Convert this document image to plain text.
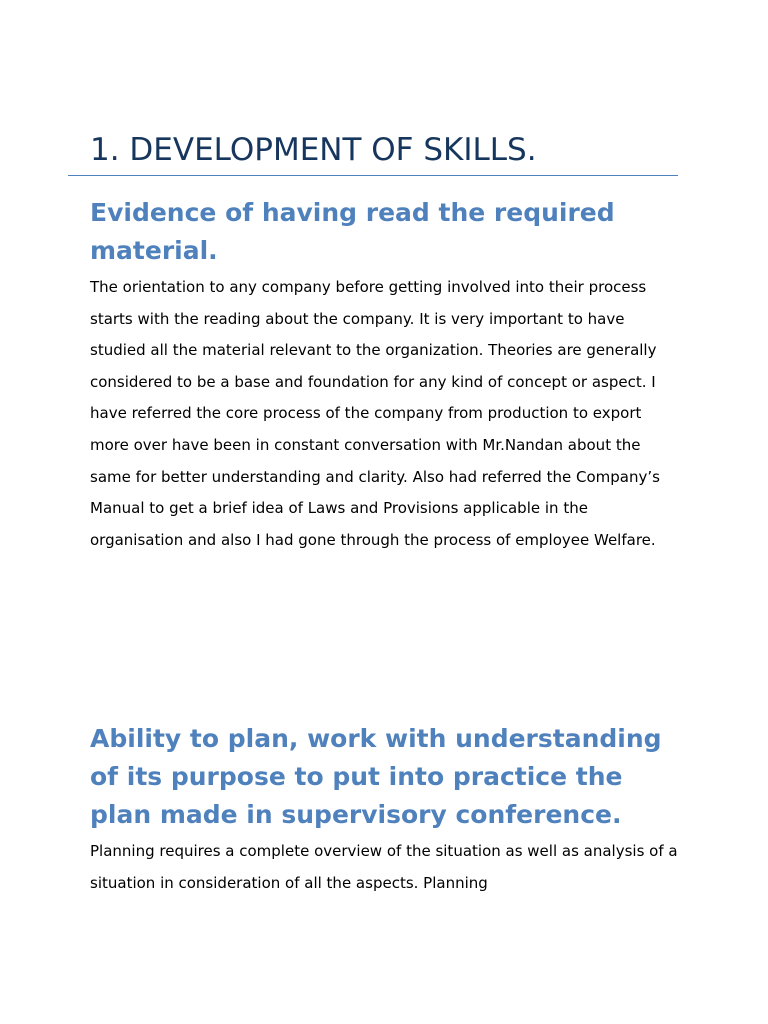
1. DEVELOPMENT OF SKILLS.
Evidence of having read the required material.

The orientation to any company before getting involved into their process starts with the reading about the company. It is very important to have studied all the material relevant to the organization. Theories are generally considered to be a base and foundation for any kind of concept or aspect. I have referred the core process of the company from production to export more over have been in constant conversation with Mr.Nandan about the same for better understanding and clarity. Also had referred the Company’s Manual to get a brief idea of Laws and Provisions applicable in the organisation and also I had gone through the process of employee Welfare.

Ability to plan, work with understanding of its purpose to put into practice the plan made in supervisory conference.

Planning requires a complete overview of the situation as well as analysis of a situation in consideration of all the aspects. Planning
